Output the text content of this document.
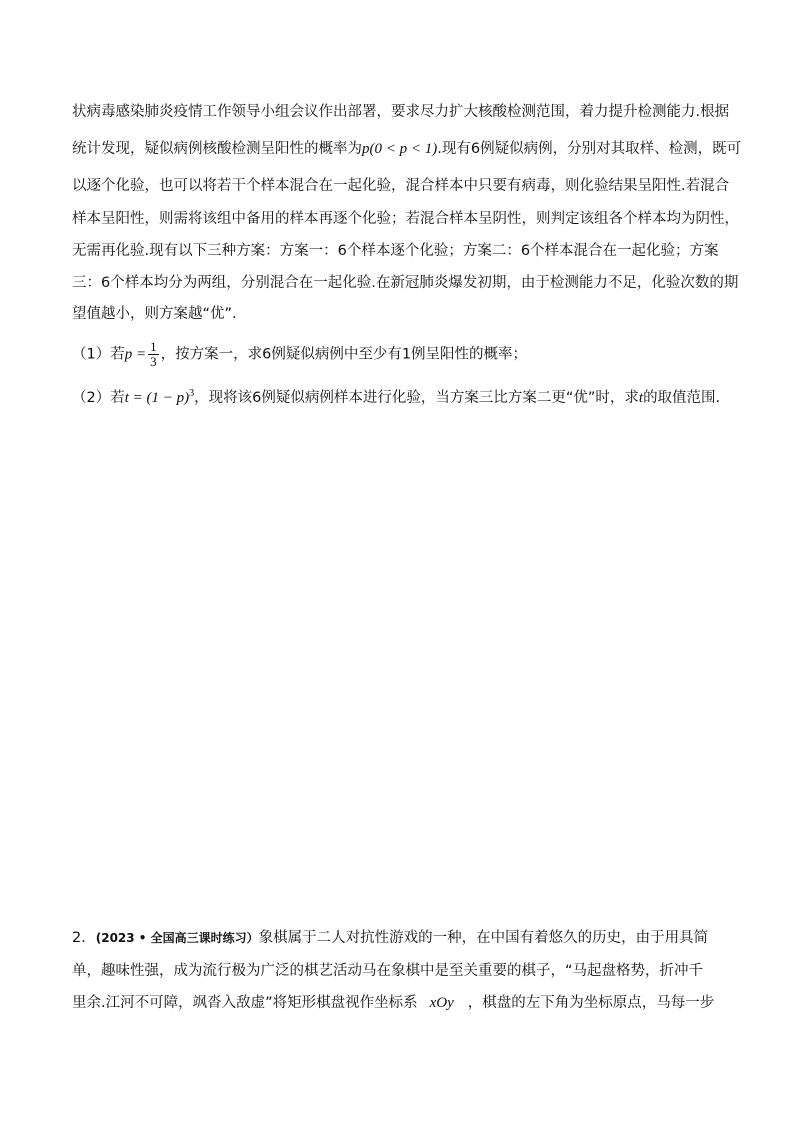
状病毒感染肺炎疫情工作领导小组会议作出部署，要求尽力扩大核酸检测范围，着力提升检测能力.根据
统计发现，疑似病例核酸检测呈阳性的概率为p(0 < p < 1).现有6例疑似病例，分别对其取样、检测，既可
以逐个化验，也可以将若干个样本混合在一起化验，混合样本中只要有病毒，则化验结果呈阳性.若混合
样本呈阳性，则需将该组中备用的样本再逐个化验；若混合样本呈阴性，则判定该组各个样本均为阴性，
无需再化验.现有以下三种方案：方案一：6个样本逐个化验；方案二：6个样本混合在一起化验；方案
三：6个样本均分为两组，分别混合在一起化验.在新冠肺炎爆发初期，由于检测能力不足，化验次数的期
望值越小，则方案越“优”.
（1）若$p = \frac{1}{3}$ ，按方案一，求6例疑似病例中至少有1例呈阳性的概率；
（2）若$t = (1 - p)^3$，现将该6例疑似病例样本进行化验，当方案三比方案二更“优”时，求t的取值范围.
2．(2023 • 全国高三课时练习）象棋属于二人对抗性游戏的一种，在中国有着悠久的历史，由于用具简
单，趣味性强，成为流行极为广泛的棋艺活动马在象棋中是至关重要的棋子，“马起盘格势，折冲千
里余.江河不可障，飒沓入敌虚”将矩形棋盘视作坐标系 xOy ，棋盘的左下角为坐标原点，马每一步
